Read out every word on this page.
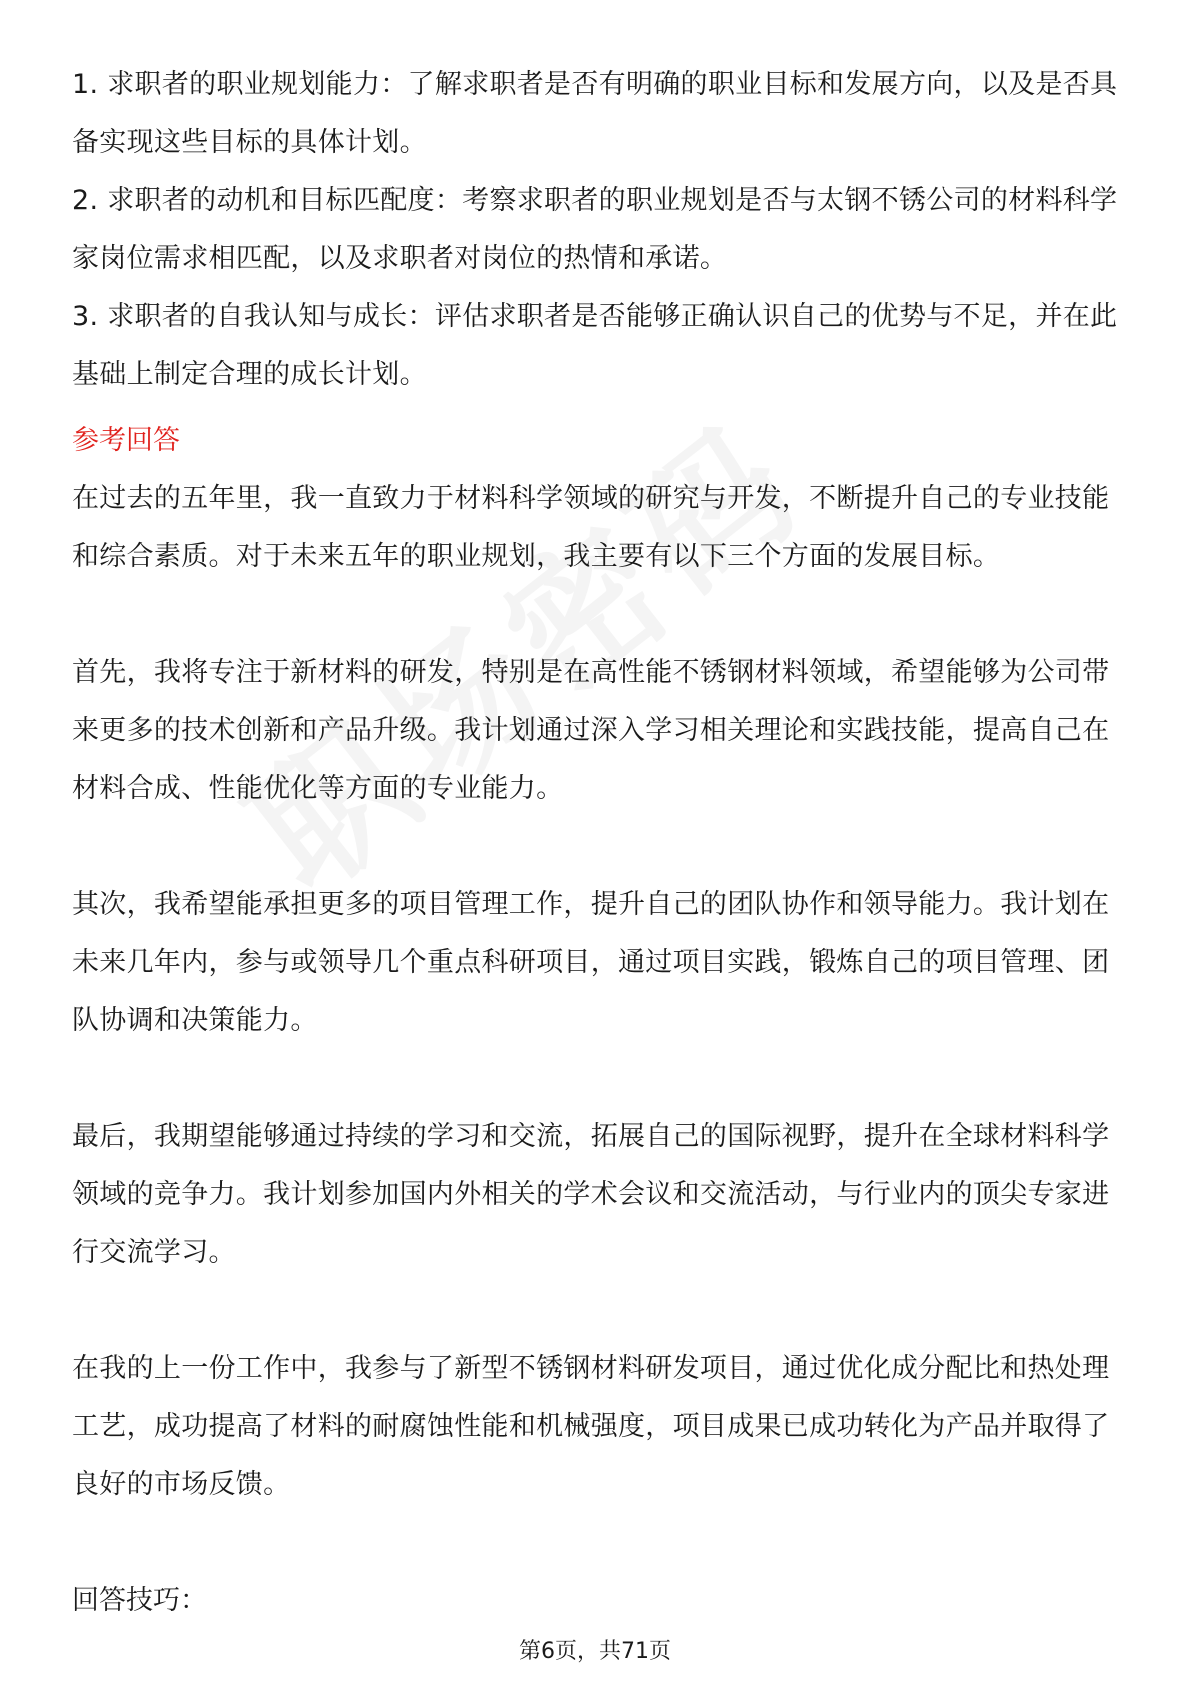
1. 求职者的职业规划能力：了解求职者是否有明确的职业目标和发展方向，以及是否具备实现这些目标的具体计划。

2. 求职者的动机和目标匹配度：考察求职者的职业规划是否与太钢不锈公司的材料科学家岗位需求相匹配，以及求职者对岗位的热情和承诺。

3. 求职者的自我认知与成长：评估求职者是否能够正确认识自己的优势与不足，并在此基础上制定合理的成长计划。

参考回答

在过去的五年里，我一直致力于材料科学领域的研究与开发，不断提升自己的专业技能和综合素质。对于未来五年的职业规划，我主要有以下三个方面的发展目标。

首先，我将专注于新材料的研发，特别是在高性能不锈钢材料领域，希望能够为公司带来更多的技术创新和产品升级。我计划通过深入学习相关理论和实践技能，提高自己在材料合成、性能优化等方面的专业能力。

其次，我希望能承担更多的项目管理工作，提升自己的团队协作和领导能力。我计划在未来几年内，参与或领导几个重点科研项目，通过项目实践，锻炼自己的项目管理、团队协调和决策能力。

最后，我期望能够通过持续的学习和交流，拓展自己的国际视野，提升在全球材料科学领域的竞争力。我计划参加国内外相关的学术会议和交流活动，与行业内的顶尖专家进行交流学习。

在我的上一份工作中，我参与了新型不锈钢材料研发项目，通过优化成分配比和热处理工艺，成功提高了材料的耐腐蚀性能和机械强度，项目成果已成功转化为产品并取得了良好的市场反馈。

回答技巧：

第6页，共71页
